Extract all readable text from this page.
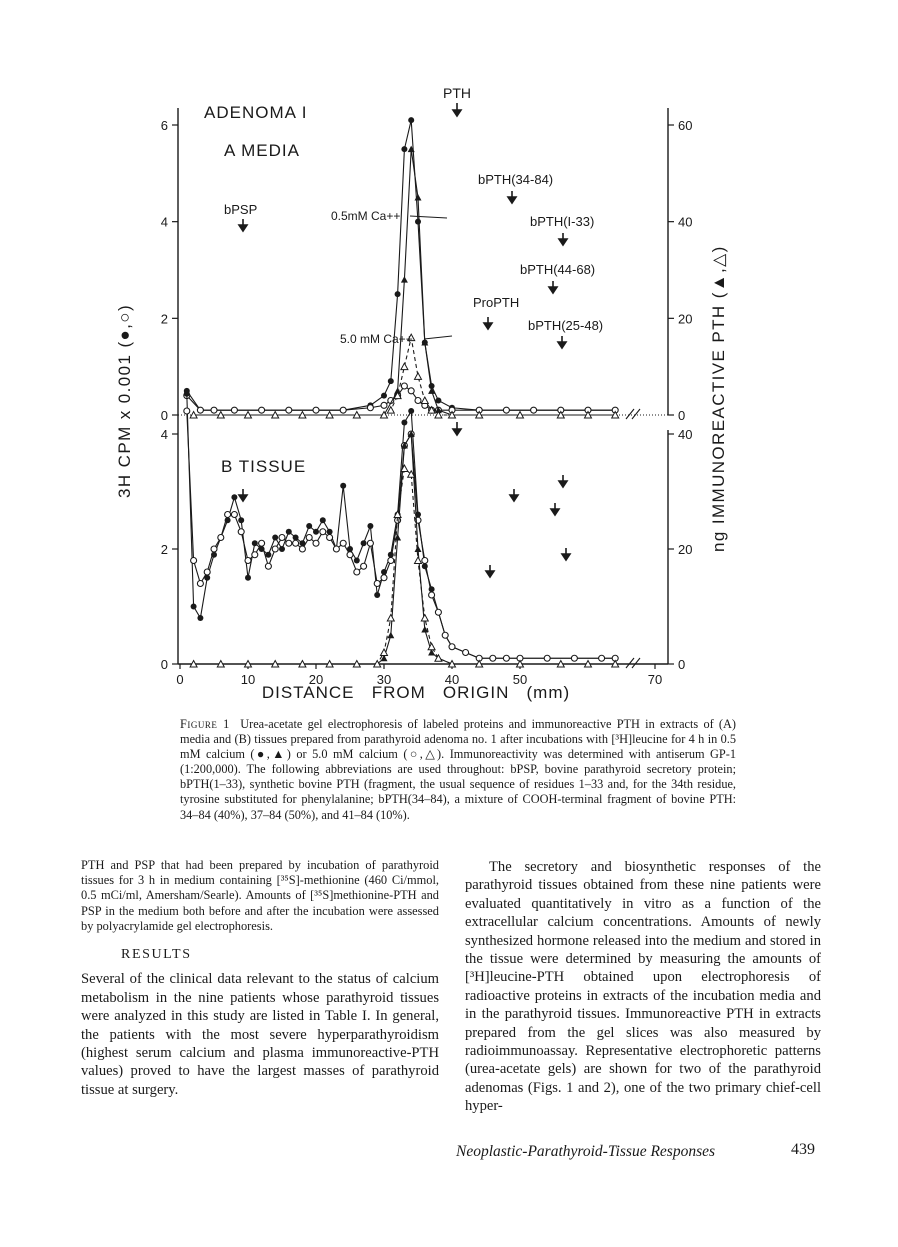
0
2
4
6
0
20
40
60
0
2
4
0
20
40
0	10	20	30	40	50	70
ADENOMA I
A MEDIA
B TISSUE
3H CPM x 0.001 (●,○)	ng IMMUNOREACTIVE PTH (▲,△)
DISTANCE   FROM   ORIGIN   (mm)
PTH
bPSP	0.5mM Ca++
5.0 mM Ca++
bPTH(34-84)
bPTH(I-33)
bPTH(44-68)
ProPTH
bPTH(25-48)

Figure 1 Urea-acetate gel electrophoresis of labeled proteins and immunoreactive PTH in extracts of (A) media and (B) tissues prepared from parathyroid adenoma no. 1 after incubations with [³H]leucine for 4 h in 0.5 mM calcium (●,▲) or 5.0 mM calcium (○,△). Immunoreactivity was determined with antiserum GP-1 (1:200,000). The following abbreviations are used throughout: bPSP, bovine parathyroid secretory protein; bPTH(1–33), synthetic bovine PTH (fragment, the usual sequence of residues 1–33 and, for the 34th residue, tyrosine substituted for phenylalanine; bPTH(34–84), a mixture of COOH-terminal fragment of bovine PTH: 34–84 (40%), 37–84 (50%), and 41–84 (10%).

PTH and PSP that had been prepared by incubation of parathyroid tissues for 3 h in medium containing [³⁵S]-methionine (460 Ci/mmol, 0.5 mCi/ml, Amersham/Searle). Amounts of [³⁵S]methionine-PTH and PSP in the medium both before and after the incubation were assessed by polyacrylamide gel electrophoresis.

RESULTS

Several of the clinical data relevant to the status of calcium metabolism in the nine patients whose parathyroid tissues were analyzed in this study are listed in Table I. In general, the patients with the most severe hyperparathyroidism (highest serum calcium and plasma immunoreactive-PTH values) proved to have the largest masses of parathyroid tissue at surgery.

The secretory and biosynthetic responses of the parathyroid tissues obtained from these nine patients were evaluated quantitatively in vitro as a function of the extracellular calcium concentrations. Amounts of newly synthesized hormone released into the medium and stored in the tissue were determined by measuring the amounts of [³H]leucine-PTH obtained upon electrophoresis of radioactive proteins in extracts of the incubation media and in the parathyroid tissues. Immunoreactive PTH in extracts prepared from the gel slices was also measured by radioimmunoassay. Representative electrophoretic patterns (urea-acetate gels) are shown for two of the parathyroid adenomas (Figs. 1 and 2), one of the two primary chief-cell hyper-

Neoplastic-Parathyroid-Tissue Responses	439
